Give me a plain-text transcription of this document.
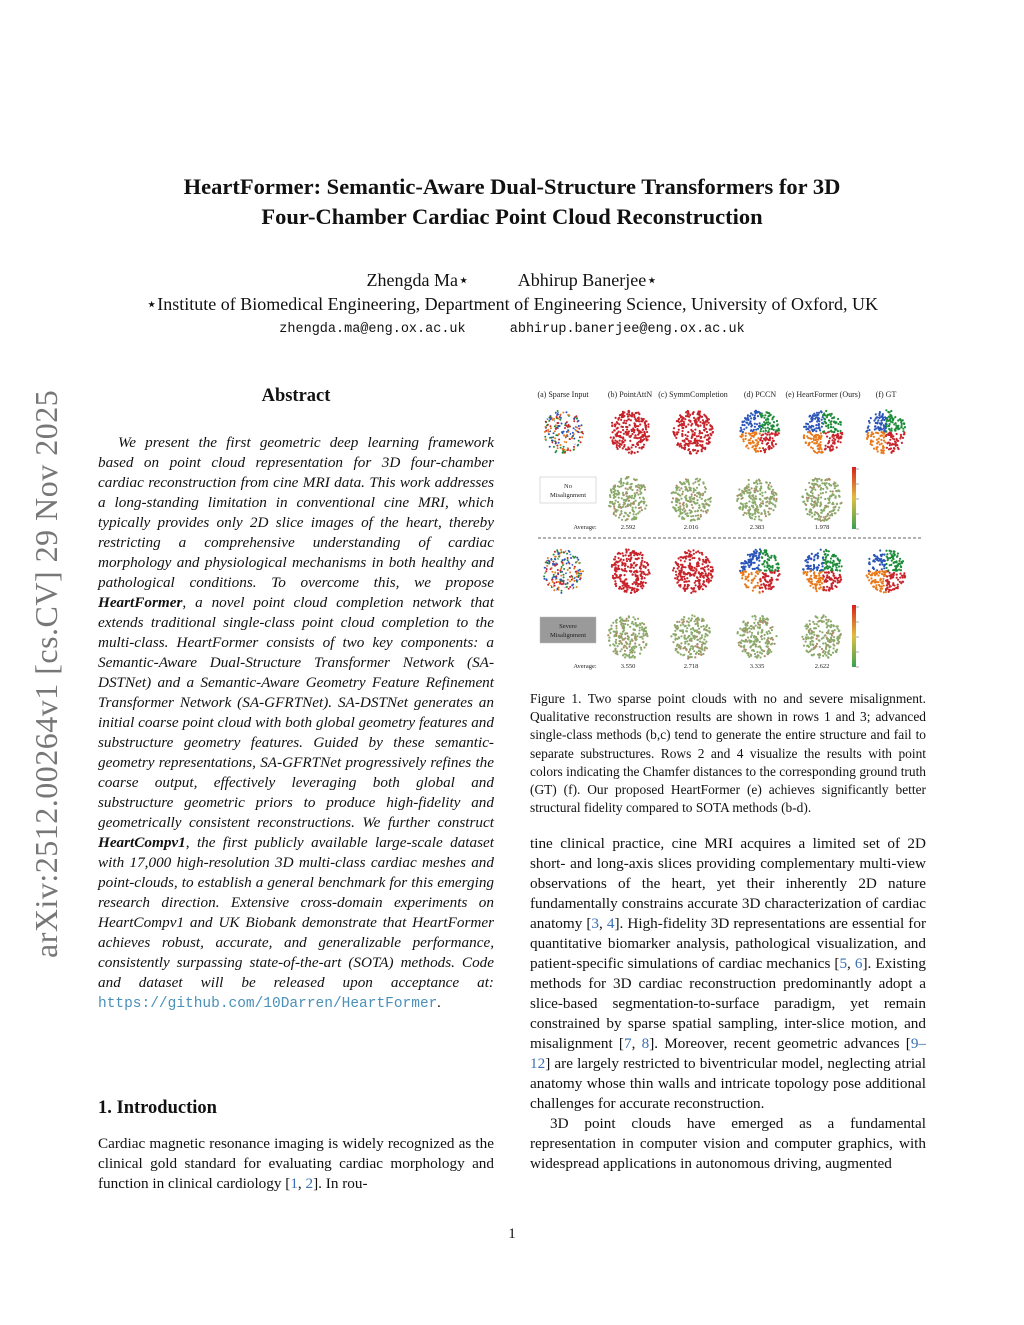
arXiv:2512.00264v1 [cs.CV] 29 Nov 2025
HeartFormer: Semantic-Aware Dual-Structure Transformers for 3D
Four-Chamber Cardiac Point Cloud Reconstruction
Zhengda Ma⋆	Abhirup Banerjee⋆
⋆Institute of Biomedical Engineering, Department of Engineering Science, University of Oxford, UK
zhengda.ma@eng.ox.ac.uk	abhirup.banerjee@eng.ox.ac.uk
Abstract
We present the first geometric deep learning framework based on point cloud representation for 3D four-chamber cardiac reconstruction from cine MRI data. This work addresses a long-standing limitation in conventional cine MRI, which typically provides only 2D slice images of the heart, thereby restricting a comprehensive understanding of cardiac morphology and physiological mechanisms in both healthy and pathological conditions. To overcome this, we propose HeartFormer, a novel point cloud completion network that extends traditional single-class point cloud completion to the multi-class. HeartFormer consists of two key components: a Semantic-Aware Dual-Structure Transformer Network (SA-DSTNet) and a Semantic-Aware Geometry Feature Refinement Transformer Network (SA-GFRTNet). SA-DSTNet generates an initial coarse point cloud with both global geometry features and substructure geometry features. Guided by these semantic-geometry representations, SA-GFRTNet progressively refines the coarse output, effectively leveraging both global and substructure geometric priors to produce high-fidelity and geometrically consistent reconstructions. We further construct HeartCompv1, the first publicly available large-scale dataset with 17,000 high-resolution 3D multi-class cardiac meshes and point-clouds, to establish a general benchmark for this emerging research direction. Extensive cross-domain experiments on HeartCompv1 and UK Biobank demonstrate that HeartFormer achieves robust, accurate, and generalizable performance, consistently surpassing state-of-the-art (SOTA) methods. Code and dataset will be released upon acceptance at: https://github.com/10Darren/HeartFormer.
1. Introduction
Cardiac magnetic resonance imaging is widely recognized as the clinical gold standard for evaluating cardiac morphology and function in clinical cardiology [1, 2]. In rou-
(a) Sparse Input (b) PointAttN (c) SymmCompletion (d) PCCN (e) HeartFormer (Ours) (f) GT
No
Misalignment
Average:	2.592	2.016	2.383	1.978
Severe
Misalignment
Average:	3.550	2.718	3.335	2.622
Figure 1. Two sparse point clouds with no and severe misalignment. Qualitative reconstruction results are shown in rows 1 and 3; advanced single-class methods (b,c) tend to generate the entire structure and fail to separate substructures. Rows 2 and 4 visualize the results with point colors indicating the Chamfer distances to the corresponding ground truth (GT) (f). Our proposed HeartFormer (e) achieves significantly better structural fidelity compared to SOTA methods (b-d).

tine clinical practice, cine MRI acquires a limited set of 2D short- and long-axis slices providing complementary multi-view observations of the heart, yet their inherently 2D nature fundamentally constrains accurate 3D characterization of cardiac anatomy [3, 4]. High-fidelity 3D representations are essential for quantitative biomarker analysis, pathological visualization, and patient-specific simulations of cardiac mechanics [5, 6]. Existing methods for 3D cardiac reconstruction predominantly adopt a slice-based segmentation-to-surface paradigm, yet remain constrained by sparse spatial sampling, inter-slice motion, and misalignment [7, 8]. Moreover, recent geometric advances [9–12] are largely restricted to biventricular model, neglecting atrial anatomy whose thin walls and intricate topology pose additional challenges for accurate reconstruction.

3D point clouds have emerged as a fundamental representation in computer vision and computer graphics, with widespread applications in autonomous driving, augmented

1
